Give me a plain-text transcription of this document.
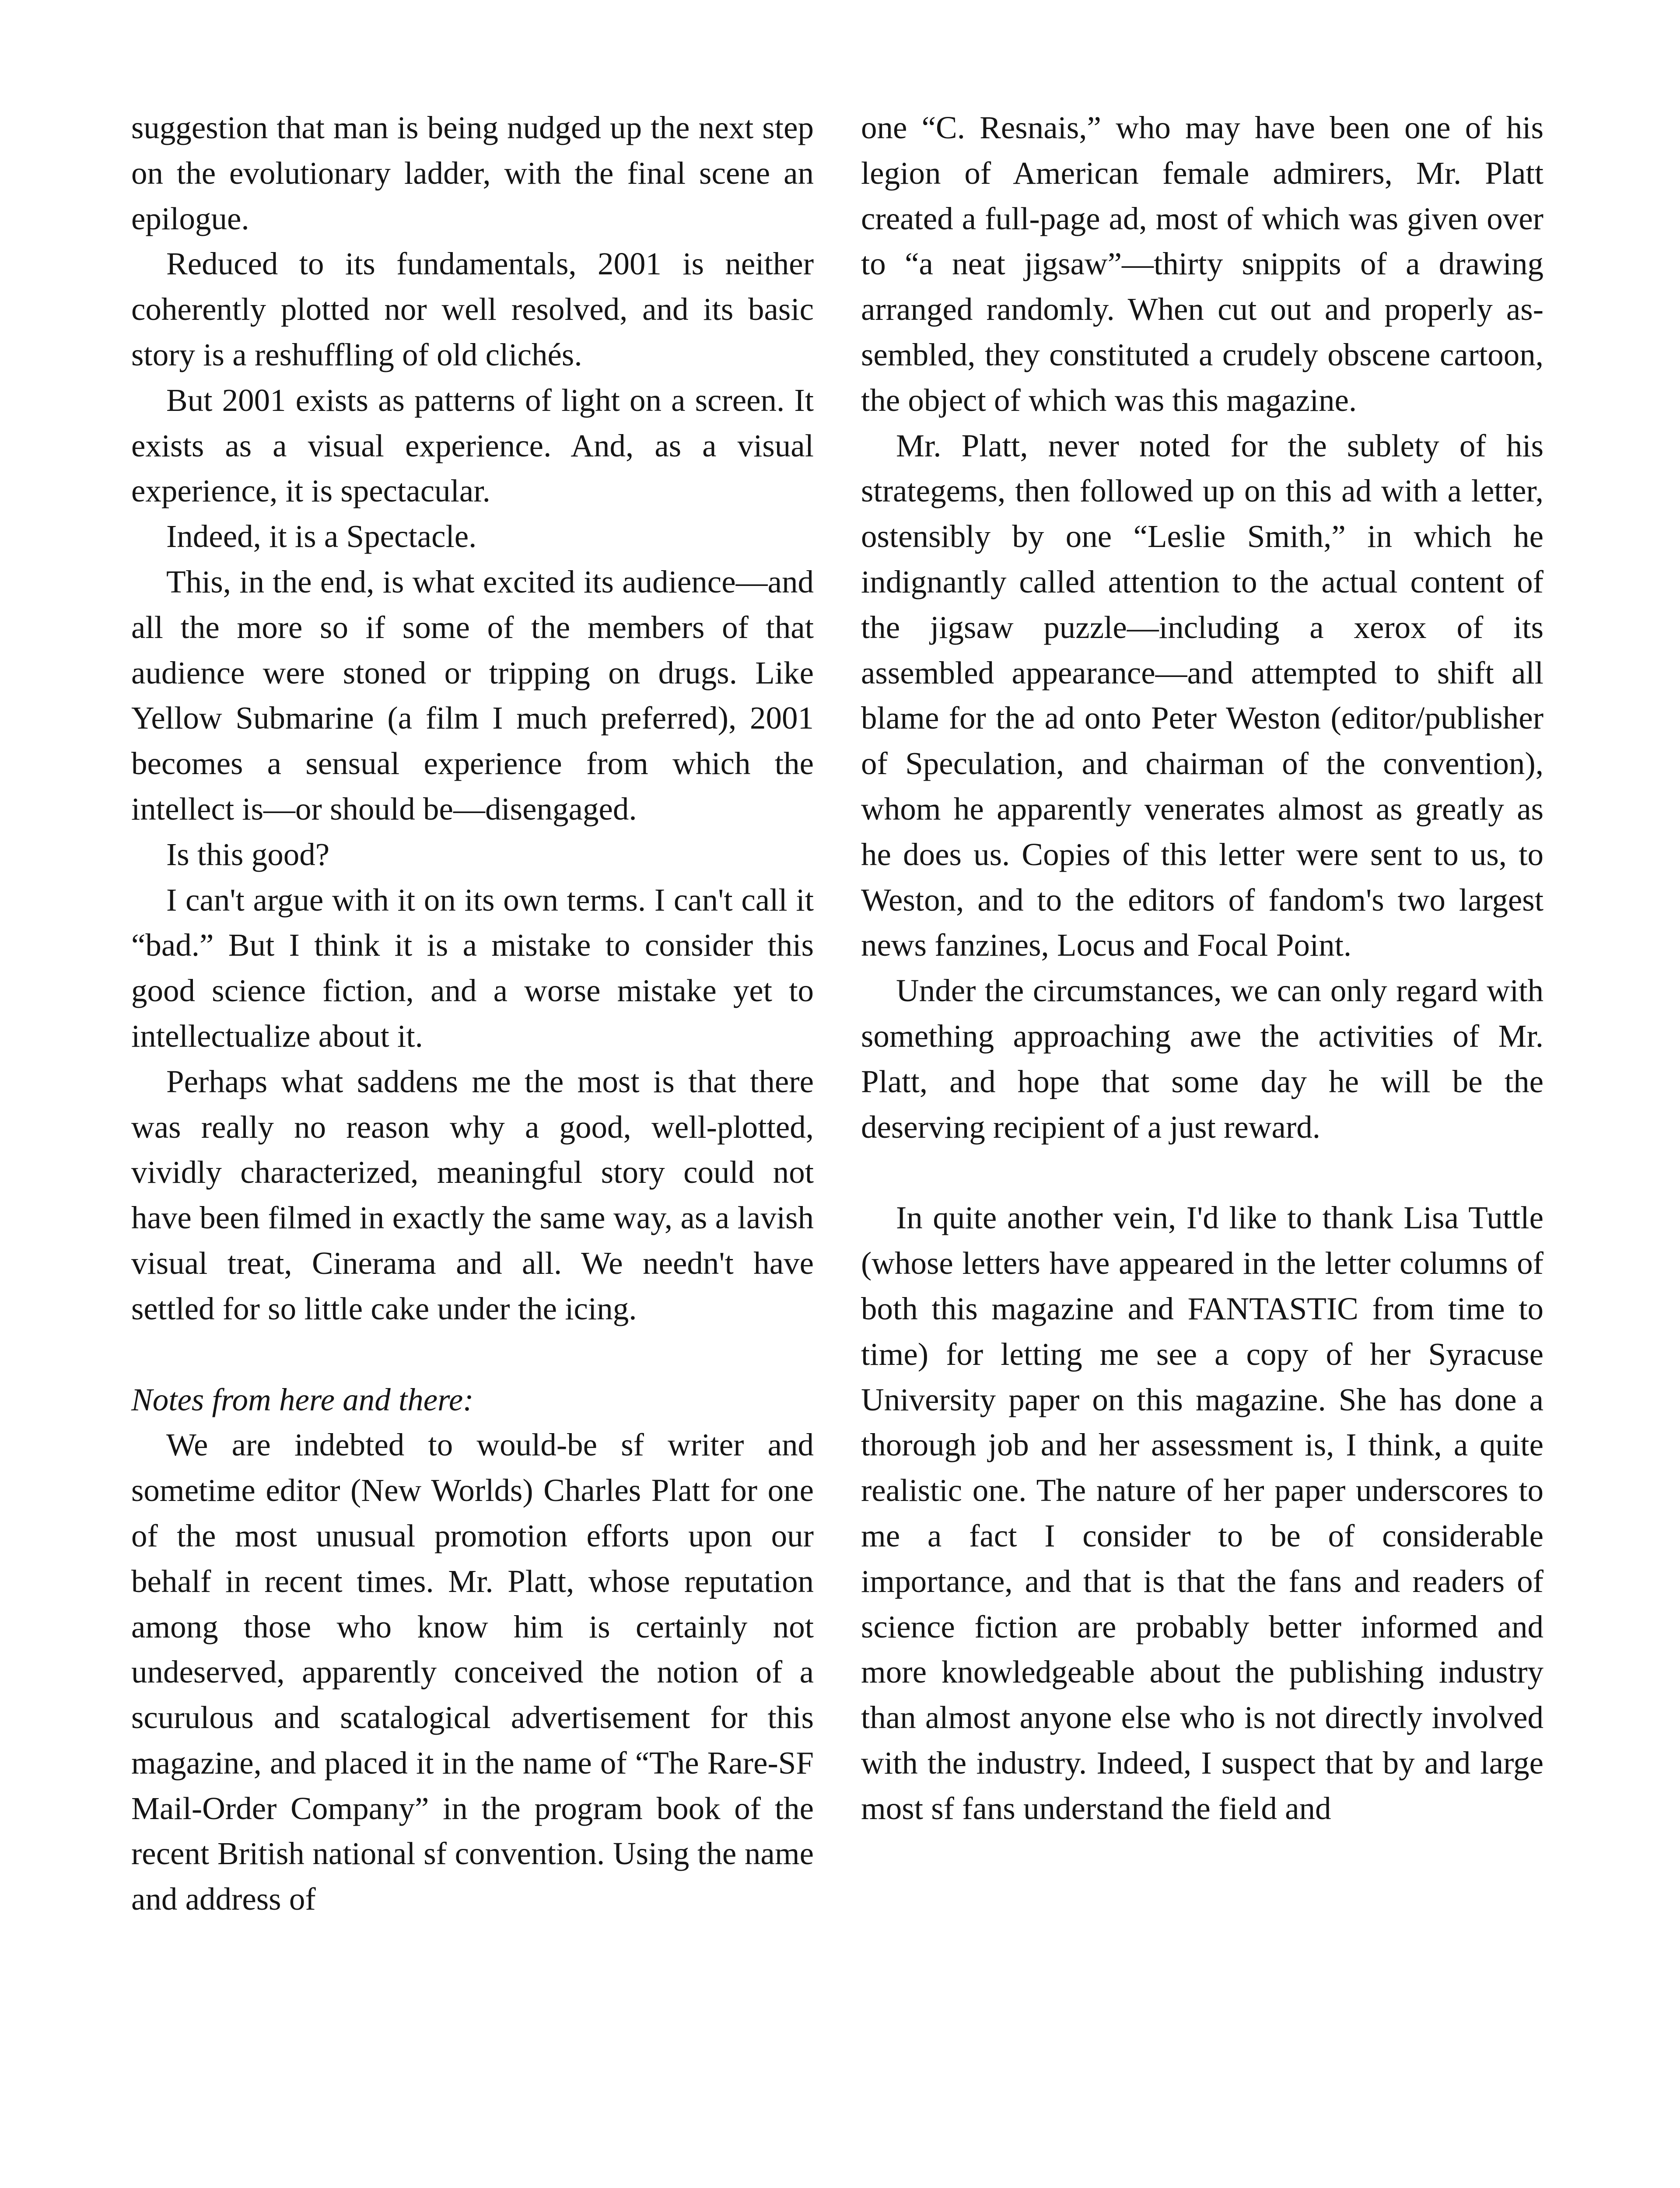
suggestion that man is being nudged up the next step on the evolutionary ladder, with the final scene an epilogue.

Reduced to its fundamentals, 2001 is neither coherently plotted nor well resolved, and its basic story is a reshuffling of old clichés.

But 2001 exists as patterns of light on a screen. It exists as a visual experience. And, as a visual experience, it is spectacular.

Indeed, it is a Spectacle.

This, in the end, is what excited its audience—and all the more so if some of the members of that audience were stoned or tripping on drugs. Like Yellow Submarine (a film I much preferred), 2001 becomes a sensual experience from which the intellect is—or should be—disengaged.

Is this good?

I can't argue with it on its own terms. I can't call it “bad.” But I think it is a mistake to consider this good science fiction, and a worse mistake yet to intellectualize about it.

Perhaps what saddens me the most is that there was really no reason why a good, well-plotted, vividly characterized, meaningful story could not have been filmed in exactly the same way, as a lavish visual treat, Cinerama and all. We needn't have settled for so little cake under the icing.

Notes from here and there:

We are indebted to would-be sf writer and sometime editor (New Worlds) Charles Platt for one of the most unusual promotion efforts upon our behalf in recent times. Mr. Platt, whose reputation among those who know him is certainly not undeserved, apparently conceived the notion of a scurulous and scatalogical advertisement for this magazine, and placed it in the name of “The Rare-SF Mail-Order Company” in the program book of the recent British national sf convention. Using the name and address of

one “C. Resnais,” who may have been one of his legion of American female admirers, Mr. Platt created a full-page ad, most of which was given over to “a neat jigsaw”—thirty snippits of a drawing arranged randomly. When cut out and properly assembled, they constituted a crudely obscene cartoon, the object of which was this magazine.

Mr. Platt, never noted for the sublety of his strategems, then followed up on this ad with a letter, ostensibly by one “Leslie Smith,” in which he indignantly called attention to the actual content of the jigsaw puzzle—including a xerox of its assembled appearance—and attempted to shift all blame for the ad onto Peter Weston (editor/publisher of Speculation, and chairman of the convention), whom he apparently venerates almost as greatly as he does us. Copies of this letter were sent to us, to Weston, and to the editors of fandom's two largest news fanzines, Locus and Focal Point.

Under the circumstances, we can only regard with something approaching awe the activities of Mr. Platt, and hope that some day he will be the deserving recipient of a just reward.

In quite another vein, I'd like to thank Lisa Tuttle (whose letters have appeared in the letter columns of both this magazine and FANTASTIC from time to time) for letting me see a copy of her Syracuse University paper on this magazine. She has done a thorough job and her assessment is, I think, a quite realistic one. The nature of her paper underscores to me a fact I consider to be of considerable importance, and that is that the fans and readers of science fiction are probably better informed and more knowledgeable about the publishing industry than almost anyone else who is not directly involved with the industry. Indeed, I suspect that by and large most sf fans understand the field and
